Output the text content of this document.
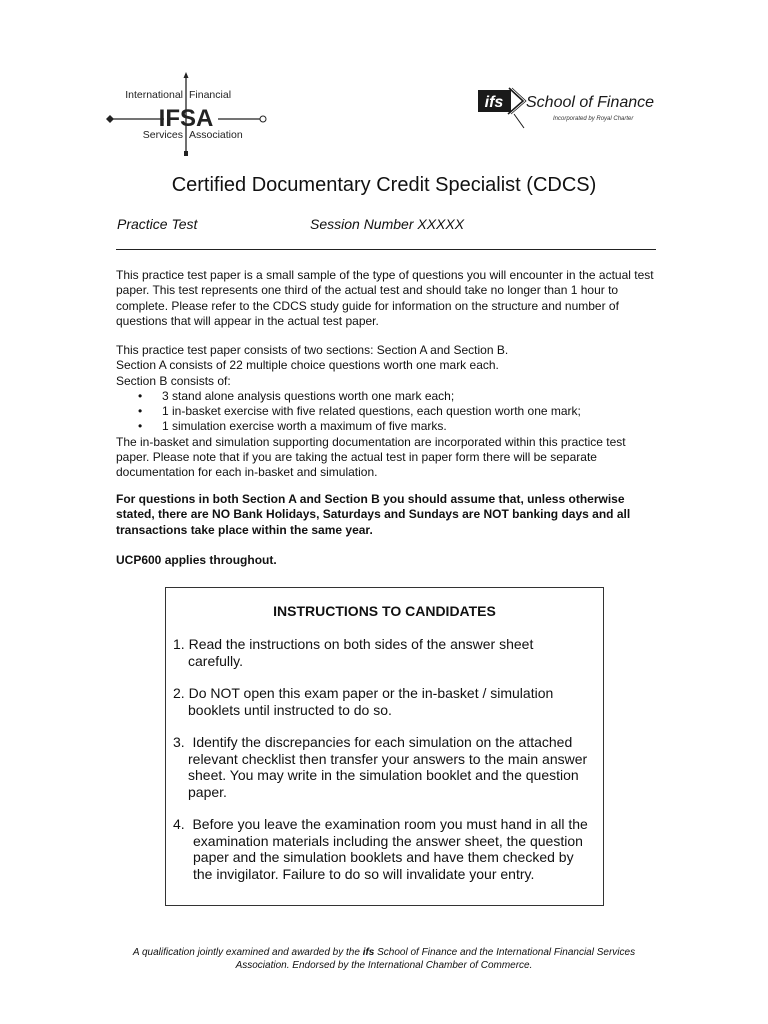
International Financial
IFSA
Services Association
ifs School of Finance
Incorporated by Royal Charter
Certified Documentary Credit Specialist (CDCS)
Practice Test	Session Number XXXXX
This practice test paper is a small sample of the type of questions you will encounter in the actual test paper. This test represents one third of the actual test and should take no longer than 1 hour to complete. Please refer to the CDCS study guide for information on the structure and number of questions that will appear in the actual test paper.
This practice test paper consists of two sections: Section A and Section B.
Section A consists of 22 multiple choice questions worth one mark each.
Section B consists of:
• 3 stand alone analysis questions worth one mark each;
• 1 in-basket exercise with five related questions, each question worth one mark;
• 1 simulation exercise worth a maximum of five marks.
The in-basket and simulation supporting documentation are incorporated within this practice test paper. Please note that if you are taking the actual test in paper form there will be separate documentation for each in-basket and simulation.
For questions in both Section A and Section B you should assume that, unless otherwise stated, there are NO Bank Holidays, Saturdays and Sundays are NOT banking days and all transactions take place within the same year.
UCP600 applies throughout.
INSTRUCTIONS TO CANDIDATES
1. Read the instructions on both sides of the answer sheet
carefully.
2. Do NOT open this exam paper or the in-basket / simulation
booklets until instructed to do so.
3.  Identify the discrepancies for each simulation on the attached
relevant checklist then transfer your answers to the main answer sheet. You may write in the simulation booklet and the question paper.
4.  Before you leave the examination room you must hand in all the
examination materials including the answer sheet, the question paper and the simulation booklets and have them checked by the invigilator. Failure to do so will invalidate your entry.
A qualification jointly examined and awarded by the ifs School of Finance and the International Financial Services Association. Endorsed by the International Chamber of Commerce.
